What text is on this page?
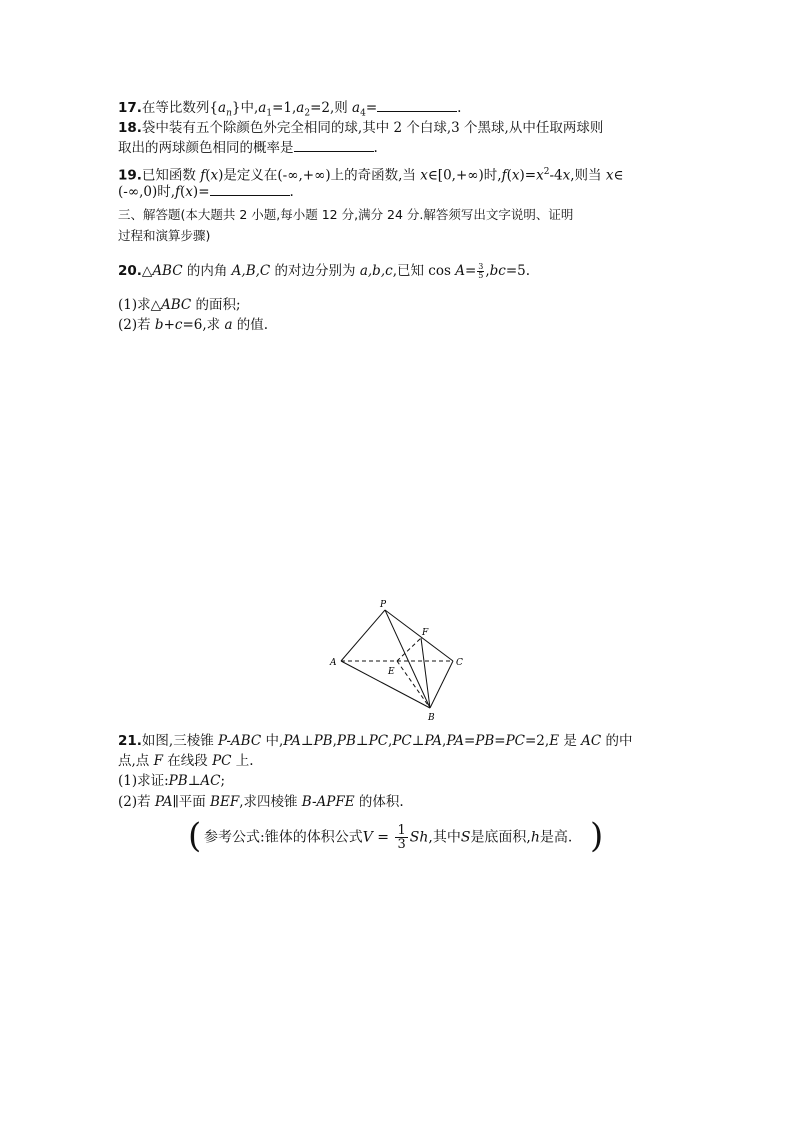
17.在等比数列$\{a_n\}$中$,a_1=1,a_2=2$,则 $a_4=$	.
18.袋中装有五个除颜色外完全相同的球,其中 2 个白球,3 个黑球,从中任取两球则
取出的两球颜色相同的概率是	.
19.已知函数 f(x)是定义在(-∞,+∞)上的奇函数,当 x∈[0,+∞)时$,f(x)=x^2-4x$,则当 x∈
(-∞,0)时,f(x)=	.
三、解答题(本大题共 2 小题,每小题 12 分,满分 24 分.解答须写出文字说明、证明
过程和演算步骤)
20.△ABC 的内角 A,B,C 的对边分别为 a,b,c,已知 $\cos A= \frac{3}{5} ,bc=5$.
(1)求△ABC 的面积;
(2)若 b+c=6,求 a 的值.
P
A	C
B
E
F
21.如图,三棱锥 P-ABC 中,PA⊥PB,PB⊥PC,PC⊥PA,PA=PB=PC=2,E 是 AC 的中
点,点 F 在线段 PC 上.
(1)求证:PB⊥AC;
(2)若 PA∥平面 BEF,求四棱锥 B-APFE 的体积.
( 参考公式:锥体的体积公式$V = \frac{1}{3} Sh$,其中S是底面积,h是高. )
